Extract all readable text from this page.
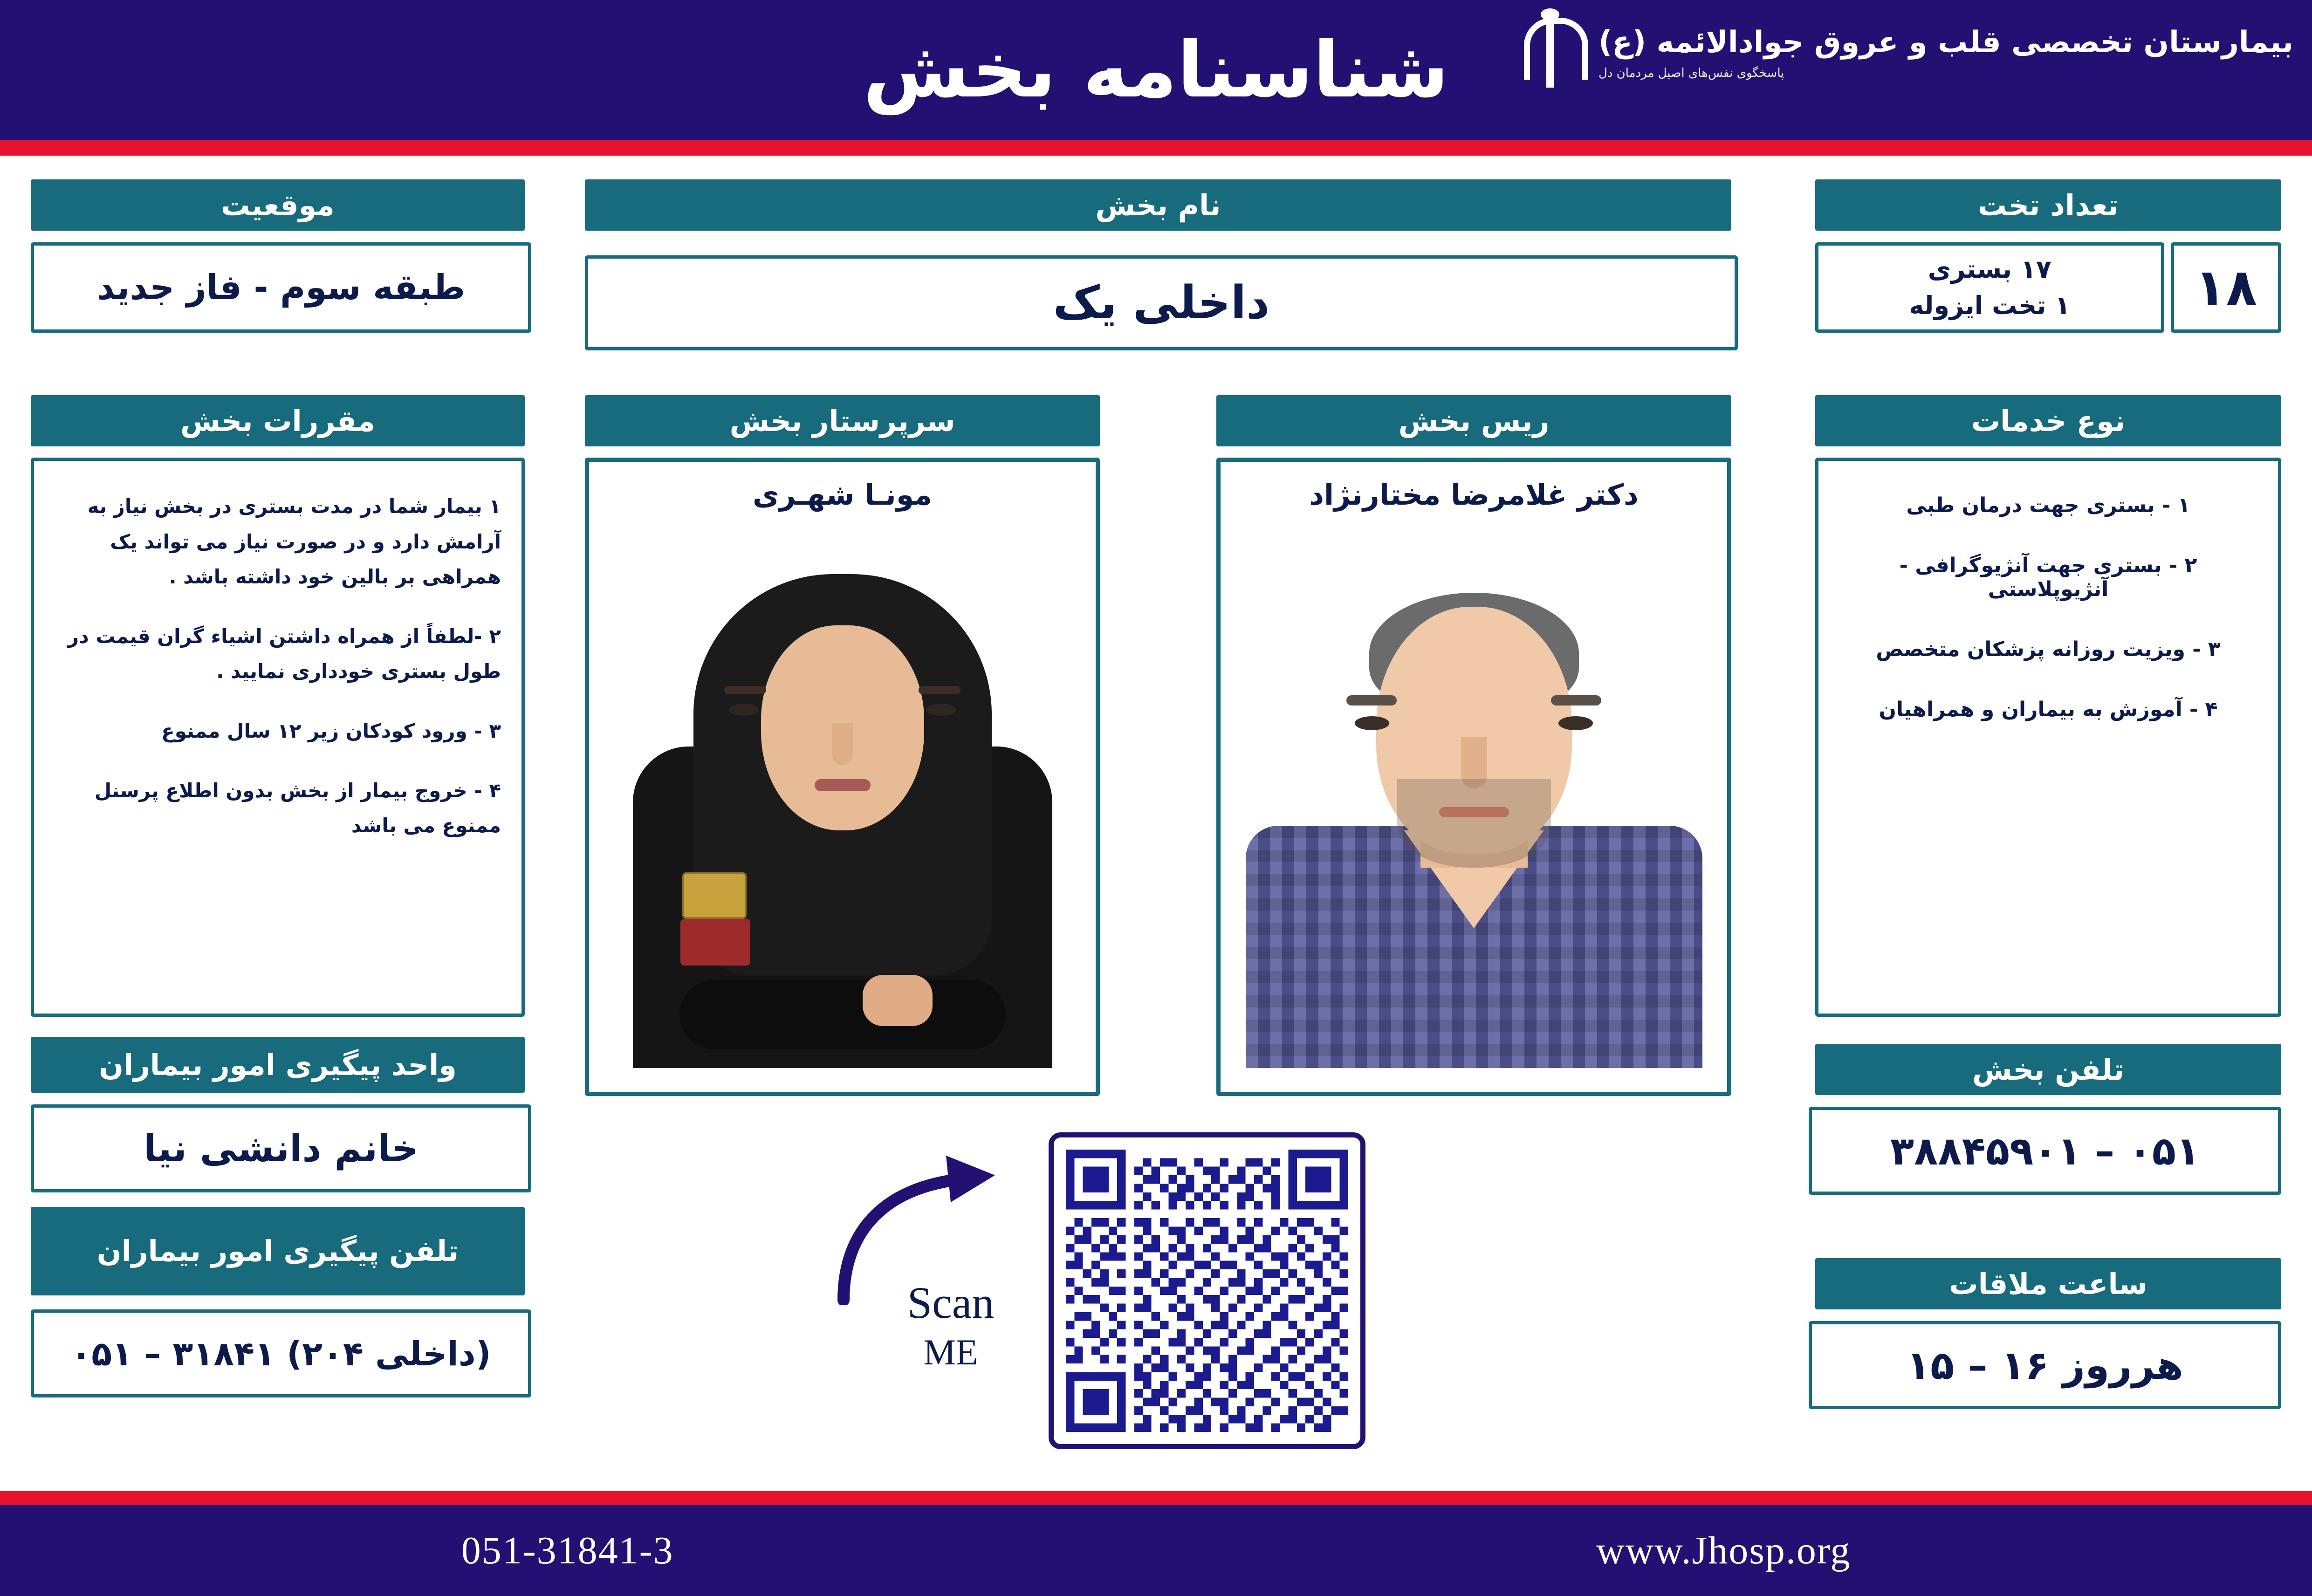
شناسنامه بخش	بیمارستان تخصصی قلب و عروق جوادالائمه (ع)
پاسخگوی نفس‌های اصیل مردمان دل
تعداد تخت
۱۸
۱۷ بستری
۱ تخت ایزوله
نوع خدمات

۱ - بستری جهت درمان طبی

۲ - بستری جهت آنژیوگرافی - آنژیوپلاستی

۳ - ویزیت روزانه پزشکان متخصص

۴ - آموزش به بیماران و همراهیان

تلفن بخش
۰۵۱ – ۳۸۸۴۵۹۰۱
ساعت ملاقات
هرروز ۱۶ – ۱۵
موقعیت
طبقه سوم - فاز جدید
مقررات بخش

۱ بیمار شما در مدت بستری در بخش نیاز به آرامش دارد و در صورت نیاز می تواند یک همراهی بر بالین خود داشته باشد .

۲ -لطفاً از همراه داشتن اشیاء گران قیمت در طول بستری خودداری نمایید .

۳ - ورود کودکان زیر ۱۲ سال ممنوع

۴ - خروج بیمار از بخش بدون اطلاع پرسنل ممنوع می باشد

واحد پیگیری امور بیماران
خانم دانشی نیا
تلفن پیگیری امور بیماران
(داخلی ۲۰۴) ۳۱۸۴۱ – ۰۵۱
نام بخش
داخلی یک
ریس بخش
دکتر غلامرضا مختارنژاد
سرپرستار بخش
مونـا شهـری
Scan
ME
www.Jhosp.org
051-31841-3
